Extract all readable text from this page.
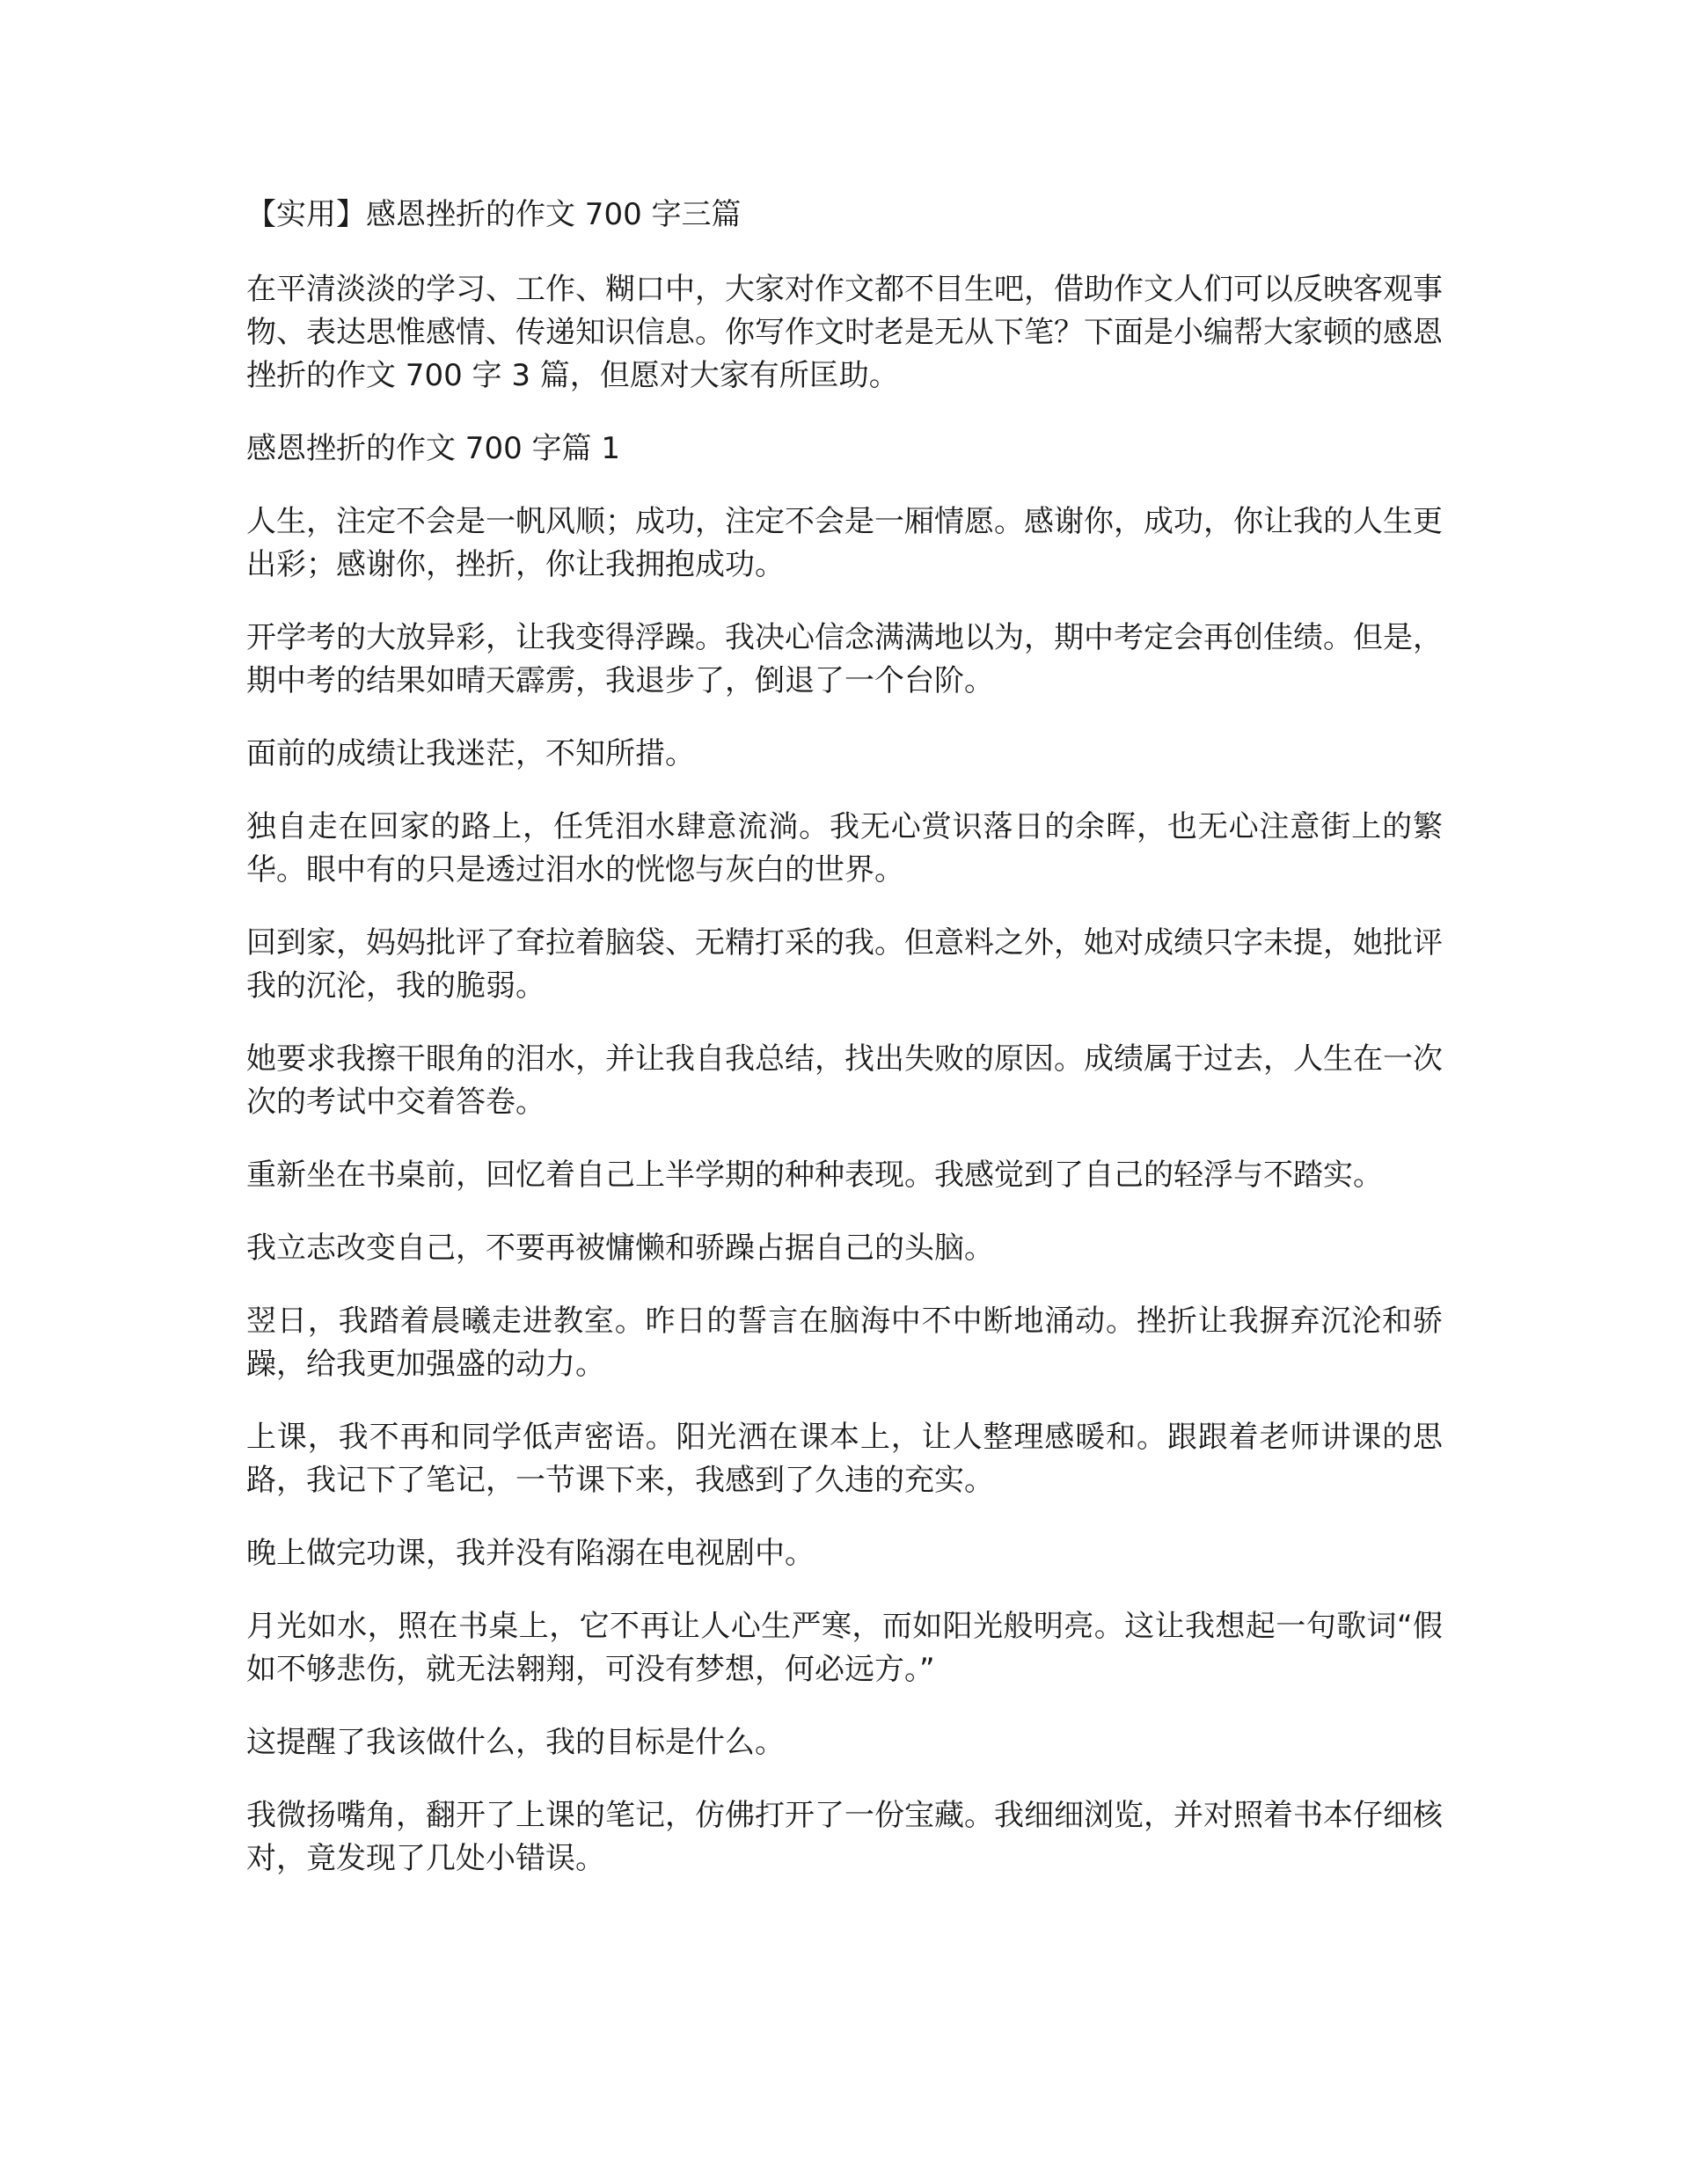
【实用】感恩挫折的作文 700 字三篇

在平清淡淡的学习、工作、糊口中，大家对作文都不目生吧，借助作文人们可以反映客观事物、表达思惟感情、传递知识信息。你写作文时老是无从下笔？下面是小编帮大家顿的感恩挫折的作文 700 字 3 篇，但愿对大家有所匡助。

感恩挫折的作文 700 字篇 1

人生，注定不会是一帆风顺；成功，注定不会是一厢情愿。感谢你，成功，你让我的人生更出彩；感谢你，挫折，你让我拥抱成功。

开学考的大放异彩，让我变得浮躁。我决心信念满满地以为，期中考定会再创佳绩。但是，期中考的结果如晴天霹雳，我退步了，倒退了一个台阶。

面前的成绩让我迷茫，不知所措。

独自走在回家的路上，任凭泪水肆意流淌。我无心赏识落日的余晖，也无心注意街上的繁华。眼中有的只是透过泪水的恍惚与灰白的世界。

回到家，妈妈批评了耷拉着脑袋、无精打采的我。但意料之外，她对成绩只字未提，她批评我的沉沦，我的脆弱。

她要求我擦干眼角的泪水，并让我自我总结，找出失败的原因。成绩属于过去，人生在一次次的考试中交着答卷。

重新坐在书桌前，回忆着自己上半学期的种种表现。我感觉到了自己的轻浮与不踏实。

我立志改变自己，不要再被慵懒和骄躁占据自己的头脑。

翌日，我踏着晨曦走进教室。昨日的誓言在脑海中不中断地涌动。挫折让我摒弃沉沦和骄躁，给我更加强盛的动力。

上课，我不再和同学低声密语。阳光洒在课本上，让人整理感暖和。跟跟着老师讲课的思路，我记下了笔记，一节课下来，我感到了久违的充实。

晚上做完功课，我并没有陷溺在电视剧中。

月光如水，照在书桌上，它不再让人心生严寒，而如阳光般明亮。这让我想起一句歌词“假如不够悲伤，就无法翱翔，可没有梦想，何必远方。”

这提醒了我该做什么，我的目标是什么。

我微扬嘴角，翻开了上课的笔记，仿佛打开了一份宝藏。我细细浏览，并对照着书本仔细核对，竟发现了几处小错误。
